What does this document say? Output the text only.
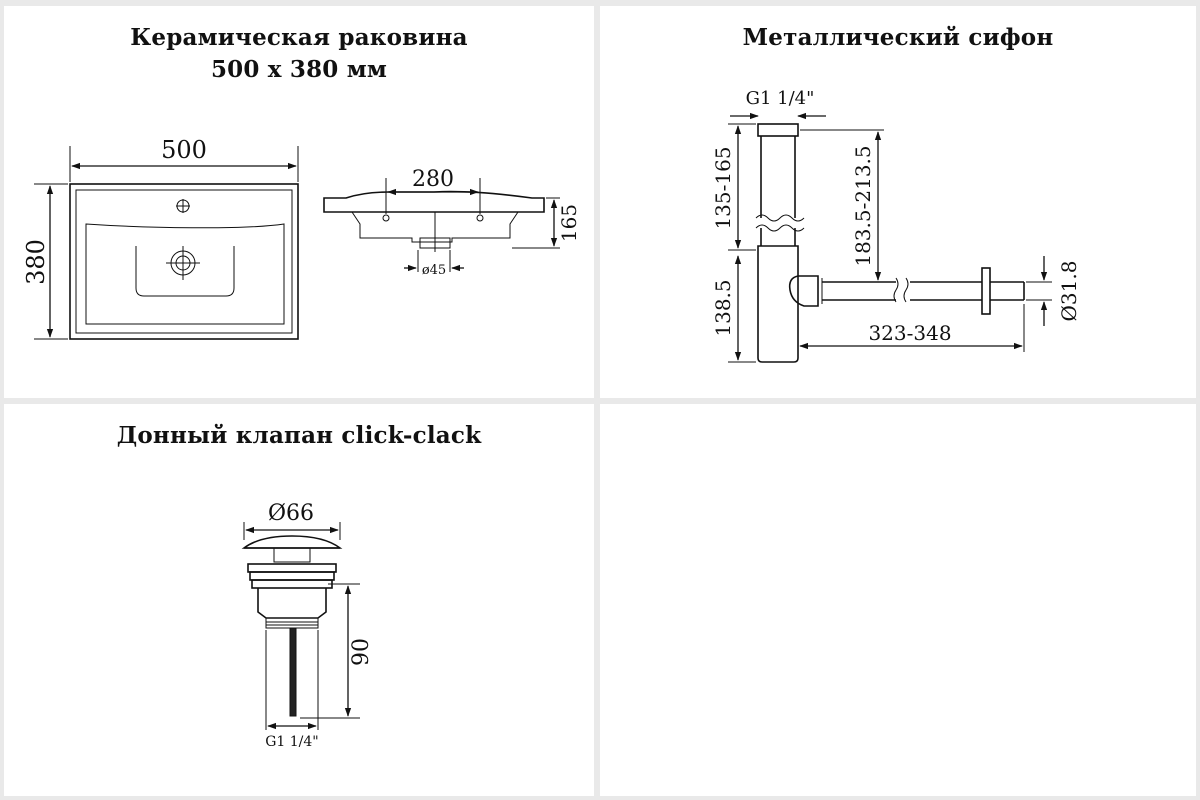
Керамическая раковина
500 x 380 мм
500
380
280
165
ø45
Металлический сифон
G1 1/4"
135-165
138.5
183.5-213.5
323-348
Ø31.8
Донный клапан click-clack
Ø66
90
G1 1/4"
